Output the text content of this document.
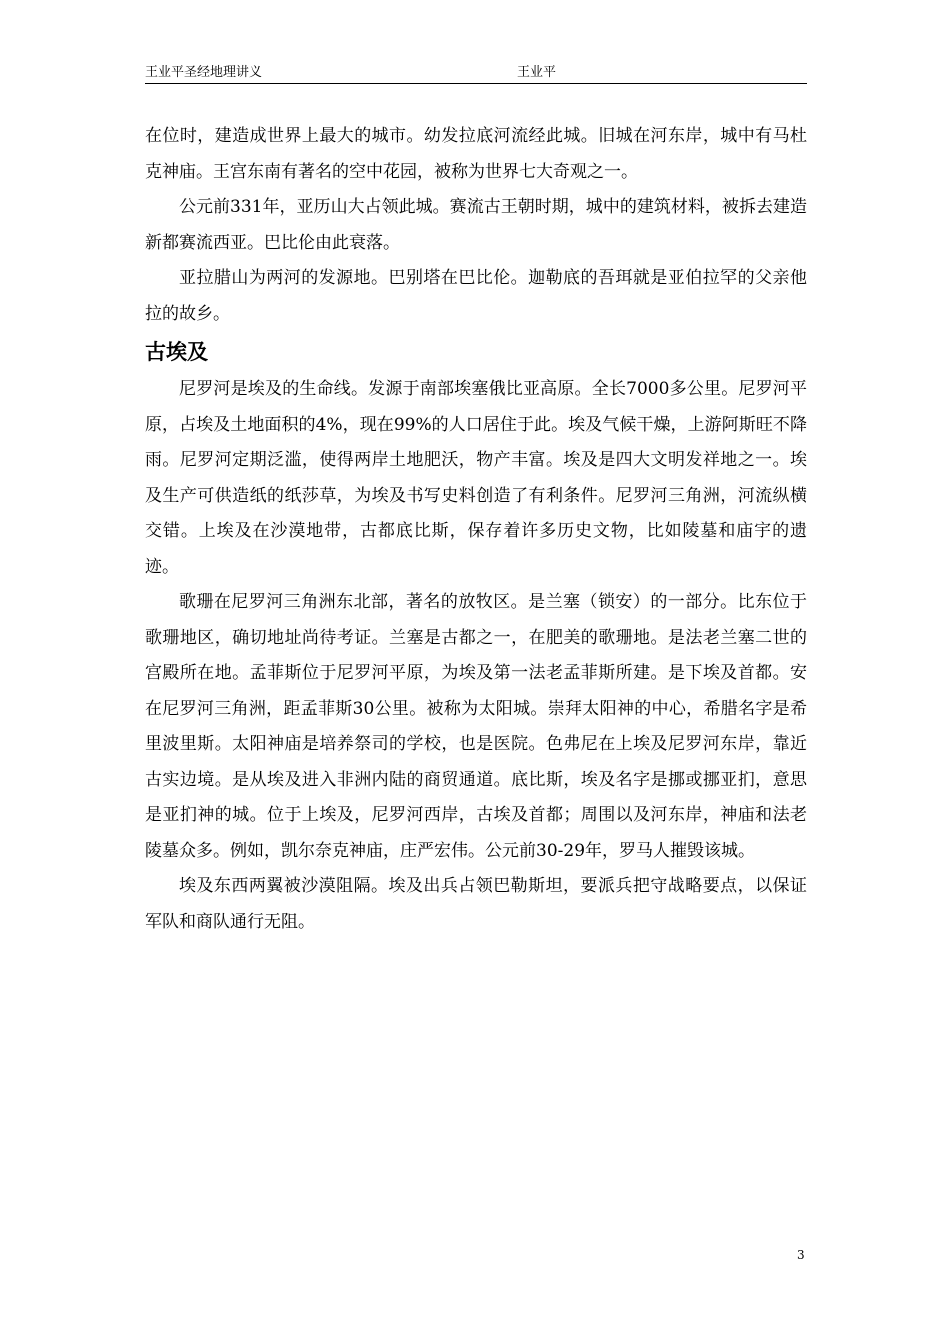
王业平圣经地理讲义	王业平

在位时，建造成世界上最大的城市。幼发拉底河流经此城。旧城在河东岸，城中有马杜克神庙。王宫东南有著名的空中花园，被称为世界七大奇观之一。

公元前331年，亚历山大占领此城。赛流古王朝时期，城中的建筑材料，被拆去建造新都赛流西亚。巴比伦由此衰落。

亚拉腊山为两河的发源地。巴别塔在巴比伦。迦勒底的吾珥就是亚伯拉罕的父亲他拉的故乡。

古埃及

尼罗河是埃及的生命线。发源于南部埃塞俄比亚高原。全长7000多公里。尼罗河平原，占埃及土地面积的4%，现在99%的人口居住于此。埃及气候干燥，上游阿斯旺不降雨。尼罗河定期泛滥，使得两岸土地肥沃，物产丰富。埃及是四大文明发祥地之一。埃及生产可供造纸的纸莎草，为埃及书写史料创造了有利条件。尼罗河三角洲，河流纵横交错。上埃及在沙漠地带，古都底比斯，保存着许多历史文物，比如陵墓和庙宇的遗迹。

歌珊在尼罗河三角洲东北部，著名的放牧区。是兰塞（锁安）的一部分。比东位于歌珊地区，确切地址尚待考证。兰塞是古都之一，在肥美的歌珊地。是法老兰塞二世的宫殿所在地。孟菲斯位于尼罗河平原，为埃及第一法老孟菲斯所建。是下埃及首都。安在尼罗河三角洲，距孟菲斯30公里。被称为太阳城。崇拜太阳神的中心，希腊名字是希里波里斯。太阳神庙是培养祭司的学校，也是医院。色弗尼在上埃及尼罗河东岸，靠近古实边境。是从埃及进入非洲内陆的商贸通道。底比斯，埃及名字是挪或挪亚扪，意思是亚扪神的城。位于上埃及，尼罗河西岸，古埃及首都；周围以及河东岸，神庙和法老陵墓众多。例如，凯尔奈克神庙，庄严宏伟。公元前30-29年，罗马人摧毁该城。

埃及东西两翼被沙漠阻隔。埃及出兵占领巴勒斯坦，要派兵把守战略要点，以保证军队和商队通行无阻。

3
